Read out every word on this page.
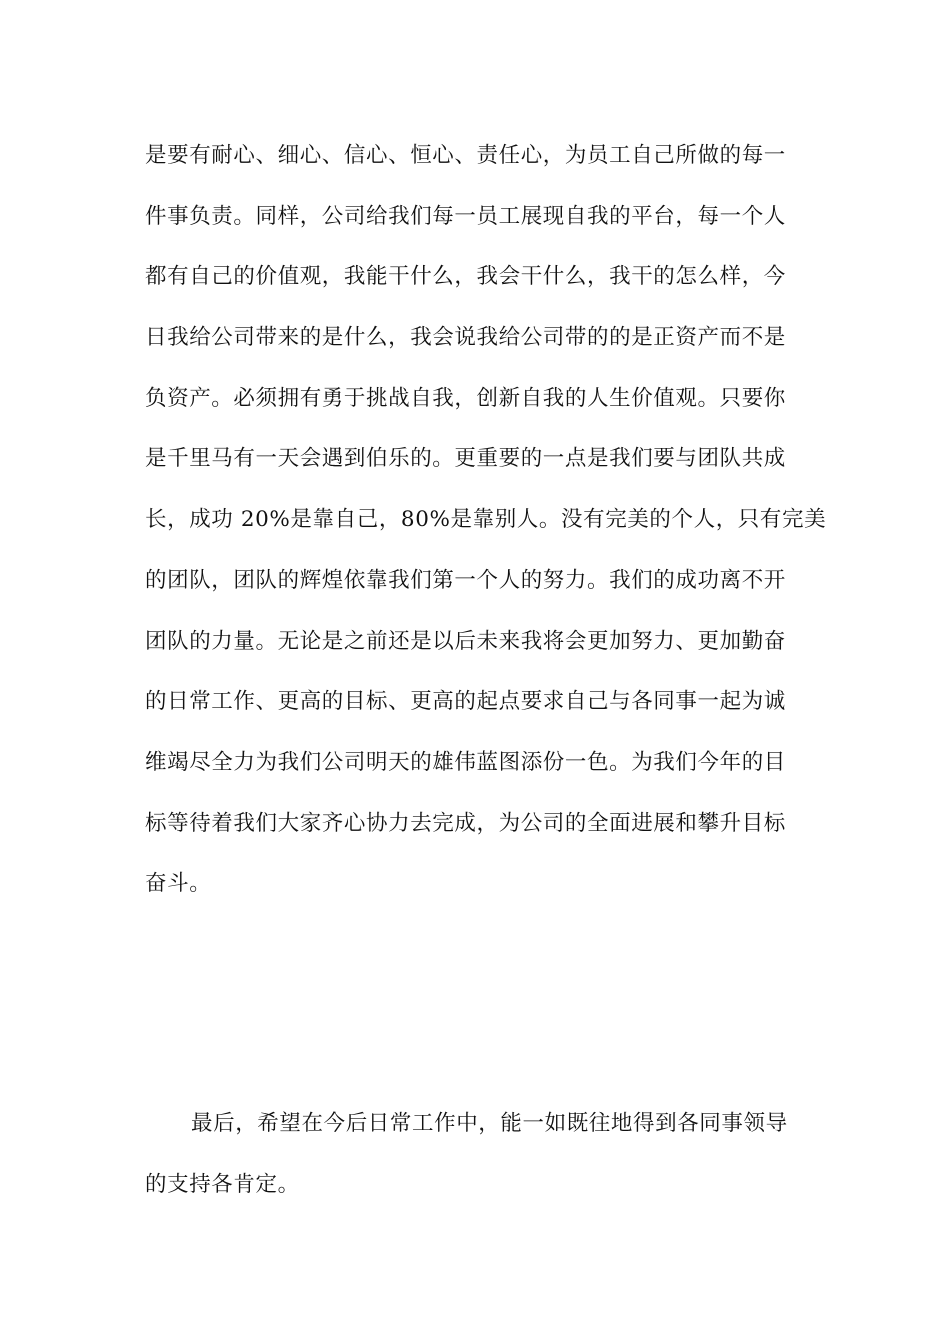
是要有耐心、细心、信心、恒心、责任心，为员工自己所做的每一
件事负责。同样，公司给我们每一员工展现自我的平台，每一个人
都有自己的价值观，我能干什么，我会干什么，我干的怎么样，今
日我给公司带来的是什么，我会说我给公司带的的是正资产而不是
负资产。必须拥有勇于挑战自我，创新自我的人生价值观。只要你
是千里马有一天会遇到伯乐的。更重要的一点是我们要与团队共成
长，成功 20%是靠自己，80%是靠别人。没有完美的个人，只有完美
的团队，团队的辉煌依靠我们第一个人的努力。我们的成功离不开
团队的力量。无论是之前还是以后未来我将会更加努力、更加勤奋
的日常工作、更高的目标、更高的起点要求自己与各同事一起为诚
维竭尽全力为我们公司明天的雄伟蓝图添份一色。为我们今年的目
标等待着我们大家齐心协力去完成，为公司的全面进展和攀升目标
奋斗。
最后，希望在今后日常工作中，能一如既往地得到各同事领导
的支持各肯定。
